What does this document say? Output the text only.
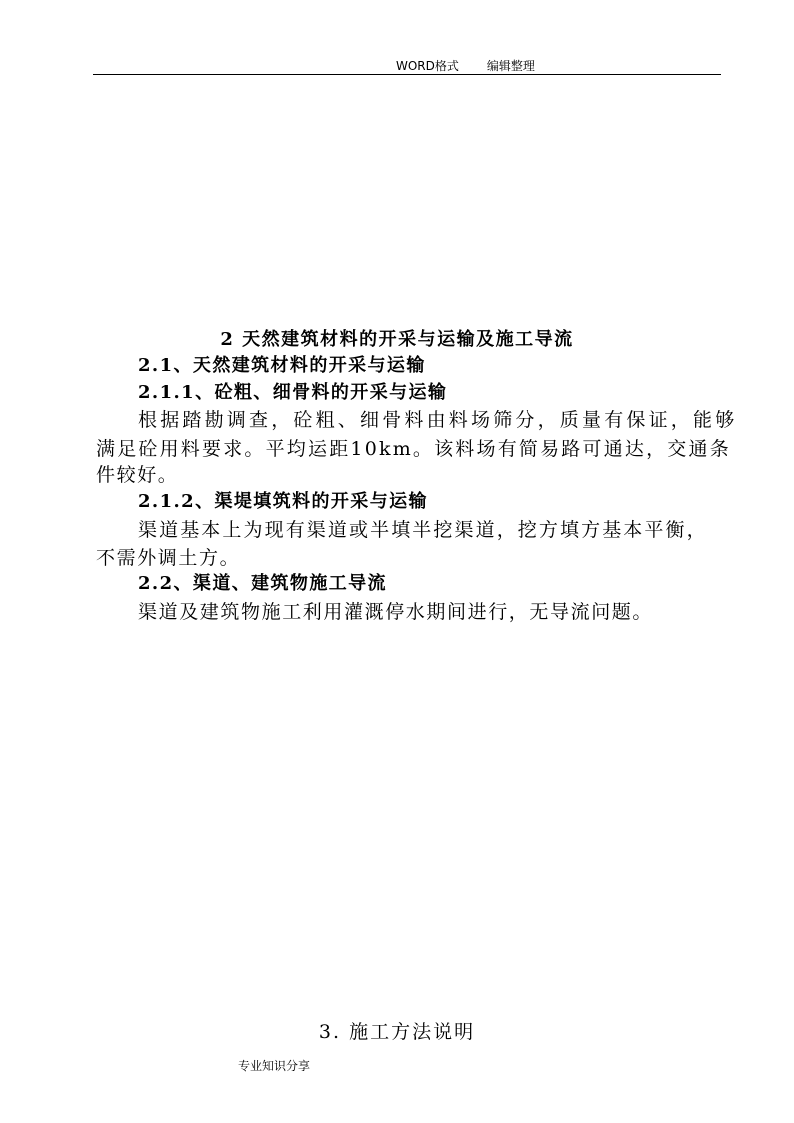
WORD格式 编辑整理
2 天然建筑材料的开采与运输及施工导流
2.1、天然建筑材料的开采与运输
2.1.1、砼粗、细骨料的开采与运输
根据踏勘调查，砼粗、细骨料由料场筛分，质量有保证，能够
满足砼用料要求。平均运距10km。该料场有简易路可通达，交通条
件较好。
2.1.2、渠堤填筑料的开采与运输
渠道基本上为现有渠道或半填半挖渠道，挖方填方基本平衡，
不需外调土方。
2.2、渠道、建筑物施工导流
渠道及建筑物施工利用灌溉停水期间进行，无导流问题。
3. 施工方法说明
专业知识分享
